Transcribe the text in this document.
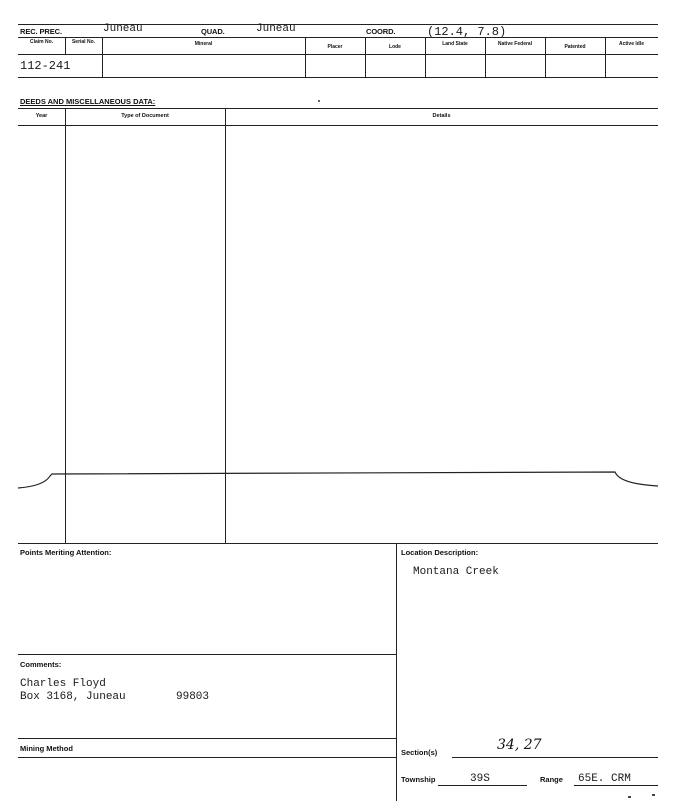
REC. PREC.	Juneau	QUAD.	Juneau	COORD.	(12.4, 7.8)
Claim No.	Serial No.	Mineral	Placer	Lode	Land State	Native Federal	Patented	Active Idle
112-241
DEEDS AND MISCELLANEOUS DATA:
Year	Type of Document	Details
Points Meriting Attention:	Location Description:
Montana Creek
Comments:
Charles Floyd
Box 3168, Juneau	99803
Mining Method	Section(s)	34, 27
Township	39S	Range 65E. CRM
